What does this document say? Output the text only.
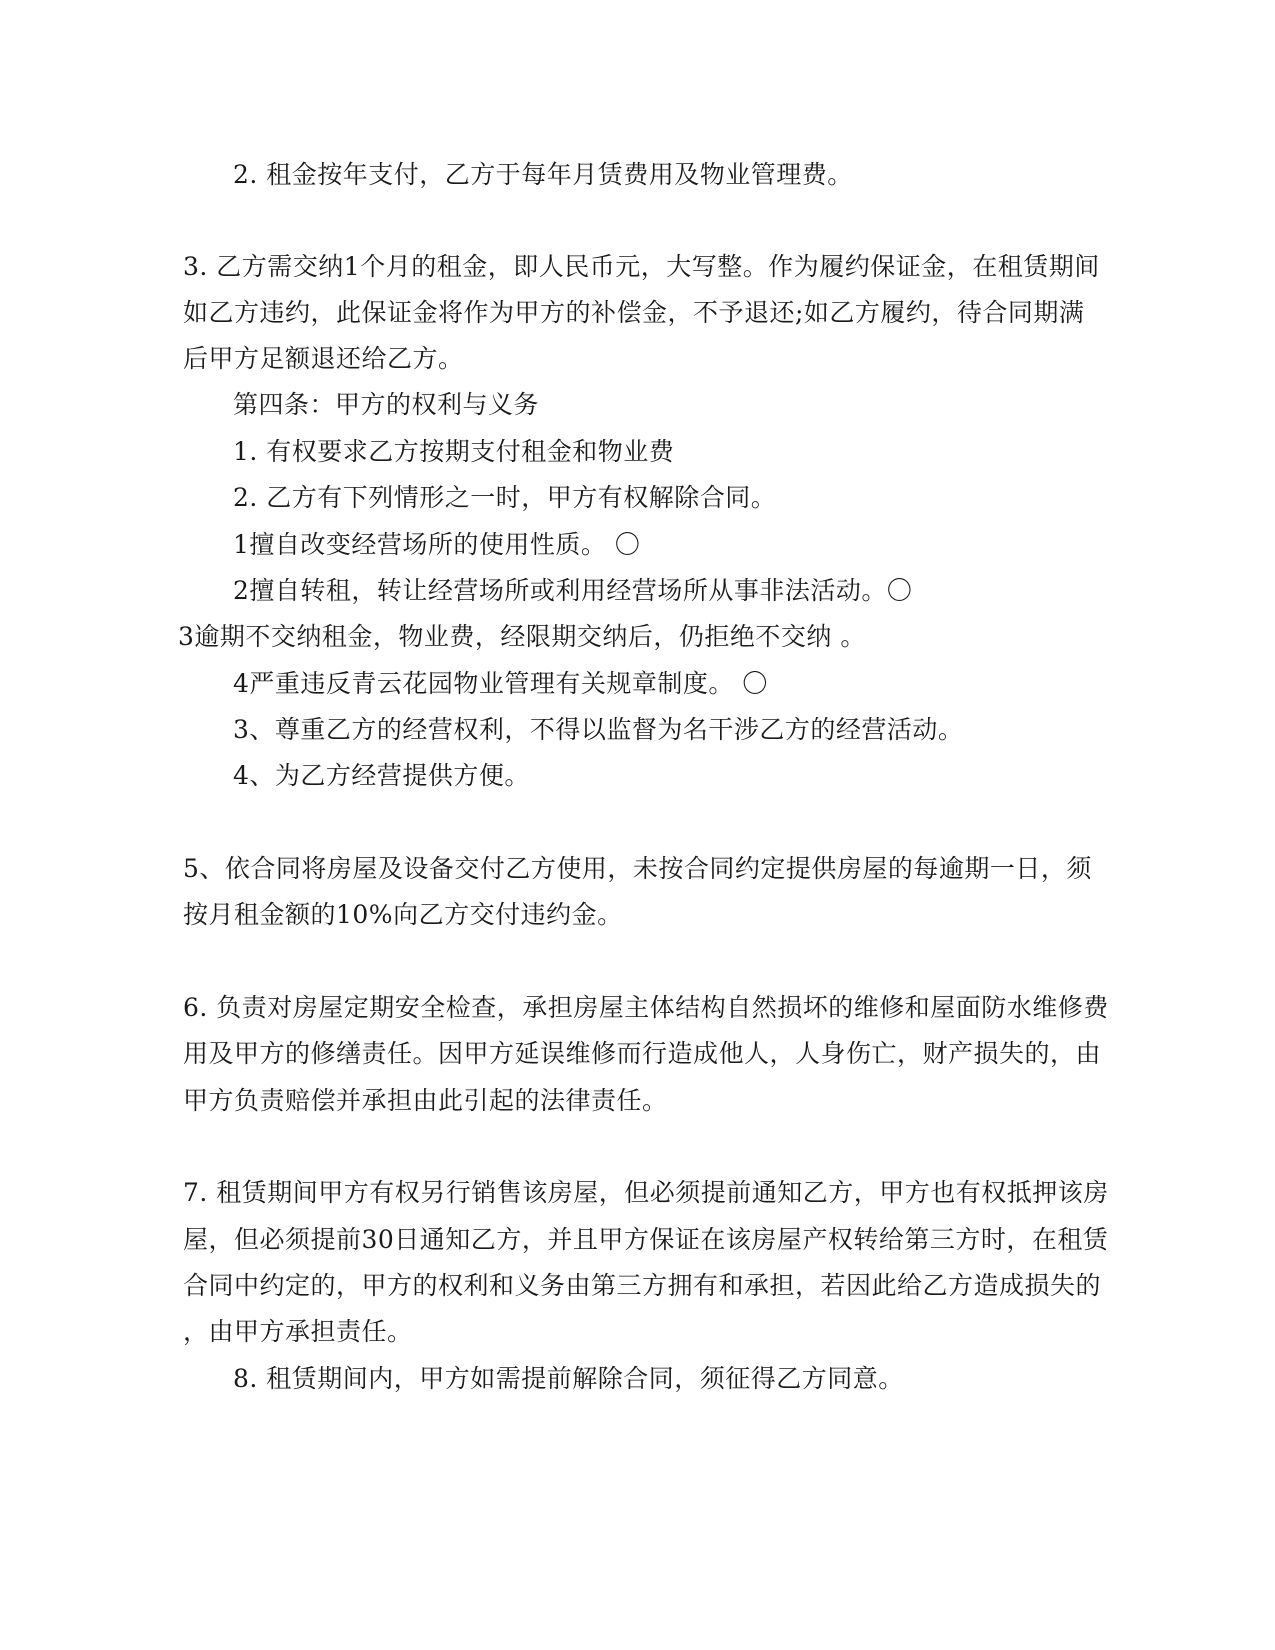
2. 租金按年支付，乙方于每年月赁费用及物业管理费。
3. 乙方需交纳1个月的租金，即人民币元，大写整。作为履约保证金，在租赁期间
如乙方违约，此保证金将作为甲方的补偿金，不予退还;如乙方履约，待合同期满
后甲方足额退还给乙方。
第四条：甲方的权利与义务
1. 有权要求乙方按期支付租金和物业费
2. 乙方有下列情形之一时，甲方有权解除合同。
1擅自改变经营场所的使用性质。 〇
2擅自转租，转让经营场所或利用经营场所从事非法活动。〇
3逾期不交纳租金，物业费，经限期交纳后，仍拒绝不交纳 。
4严重违反青云花园物业管理有关规章制度。 〇
3、尊重乙方的经营权利，不得以监督为名干涉乙方的经营活动。
4、为乙方经营提供方便。
5、依合同将房屋及设备交付乙方使用，未按合同约定提供房屋的每逾期一日，须
按月租金额的10%向乙方交付违约金。
6. 负责对房屋定期安全检查，承担房屋主体结构自然损坏的维修和屋面防水维修费
用及甲方的修缮责任。因甲方延误维修而行造成他人，人身伤亡，财产损失的，由
甲方负责赔偿并承担由此引起的法律责任。
7. 租赁期间甲方有权另行销售该房屋，但必须提前通知乙方，甲方也有权抵押该房
屋，但必须提前30日通知乙方，并且甲方保证在该房屋产权转给第三方时，在租赁
合同中约定的，甲方的权利和义务由第三方拥有和承担，若因此给乙方造成损失的
，由甲方承担责任。
8. 租赁期间内，甲方如需提前解除合同，须征得乙方同意。
